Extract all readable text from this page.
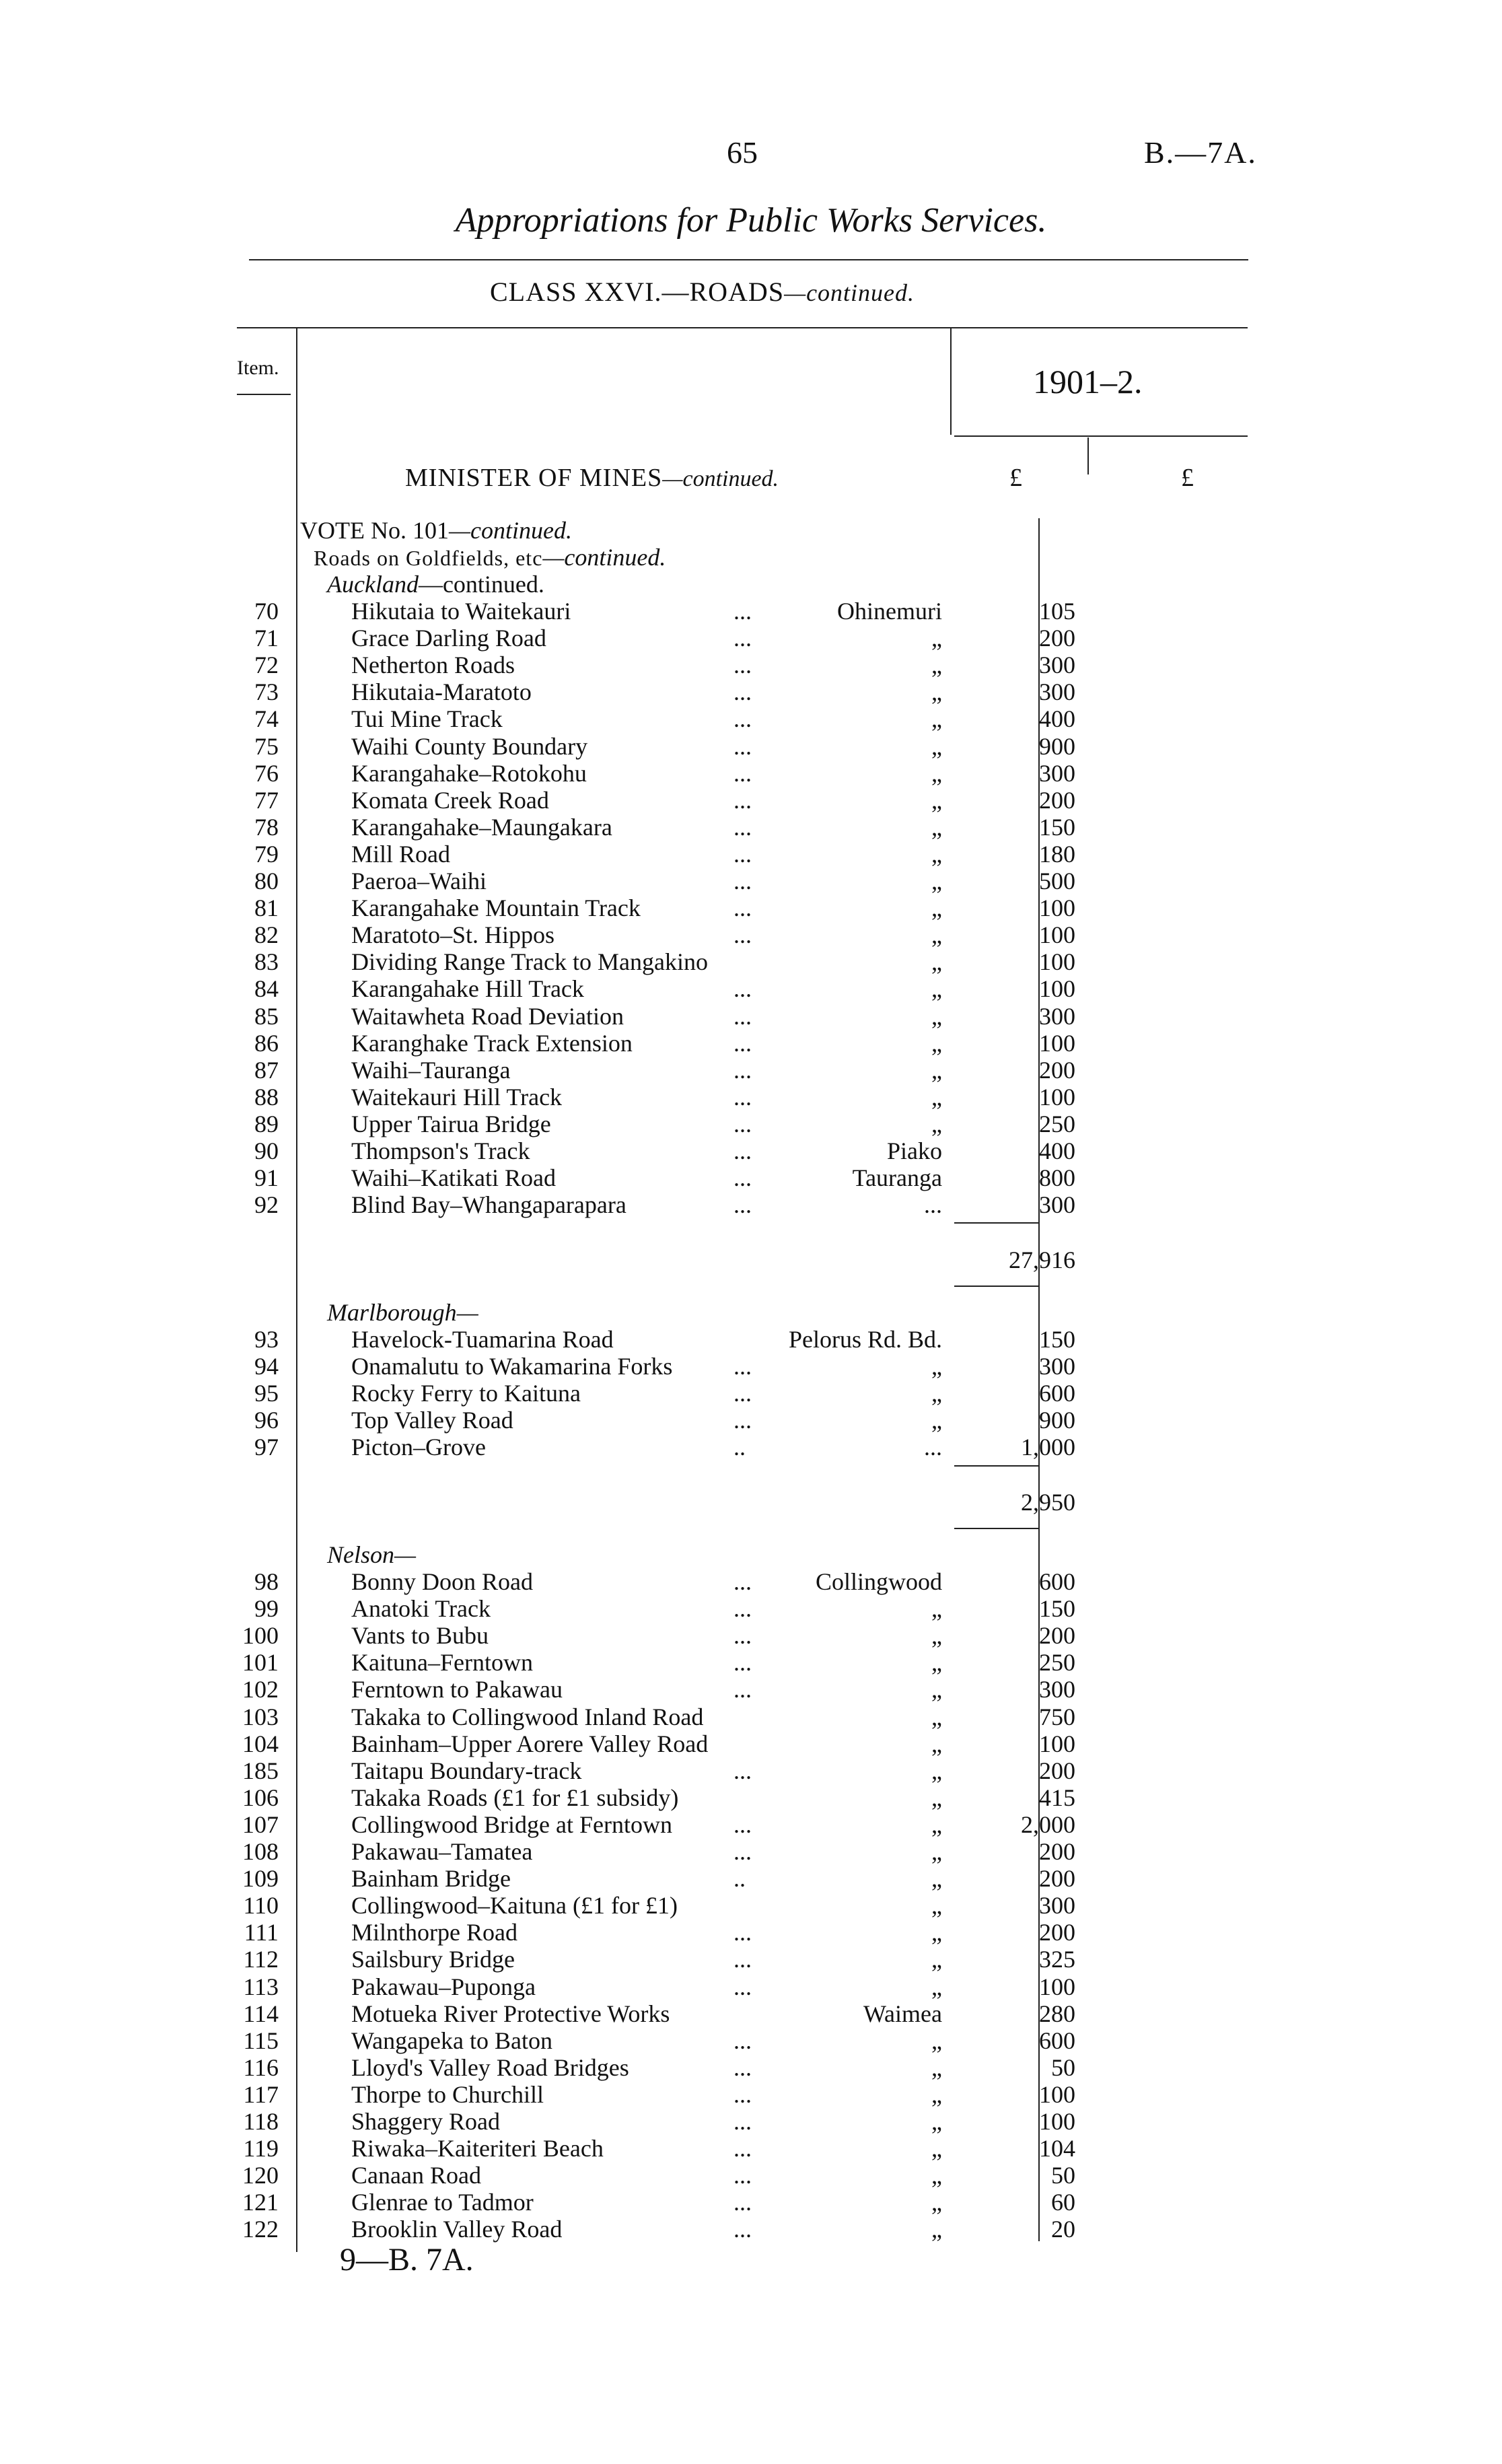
65	B.—7A.
Appropriations for Public Works Services.
CLASS XXVI.—ROADS—continued.
Item.	1901–2.
MINISTER OF MINES—continued.	£	£
VOTE No. 101—continued.
Roads on Goldfields, etc—continued.
Auckland—continued.
70	Hikutaia to Waitekauri	...	Ohinemuri	105
71	Grace Darling Road	...	„	200
72	Netherton Roads	...	„	300
73	Hikutaia-Maratoto	...	„	300
74	Tui Mine Track	...	„	400
75	Waihi County Boundary	...	„	900
76	Karangahake–Rotokohu	...	„	300
77	Komata Creek Road	...	„	200
78	Karangahake–Maungakara	...	„	150
79	Mill Road	...	„	180
80	Paeroa–Waihi	...	„	500
81	Karangahake Mountain Track	...	„	100
82	Maratoto–St. Hippos	...	„	100
83	Dividing Range Track to Mangakino	„	100
84	Karangahake Hill Track	...	„	100
85	Waitawheta Road Deviation	...	„	300
86	Karanghake Track Extension	...	„	100
87	Waihi–Tauranga	...	„	200
88	Waitekauri Hill Track	...	„	100
89	Upper Tairua Bridge	...	„	250
90	Thompson's Track	...	Piako	400
91	Waihi–Katikati Road	...	Tauranga	800
92	Blind Bay–Whangaparapara	...	...	300
27,916
Marlborough—
93	Havelock-Tuamarina Road	Pelorus Rd. Bd.	150
94	Onamalutu to Wakamarina Forks	...	„	300
95	Rocky Ferry to Kaituna	...	„	600
96	Top Valley Road	...	„	900
97	Picton–Grove	..	...	1,000
2,950
Nelson—
98	Bonny Doon Road	...	Collingwood	600
99	Anatoki Track	...	„	150
100	Vants to Bubu	...	„	200
101	Kaituna–Ferntown	...	„	250
102	Ferntown to Pakawau	...	„	300
103	Takaka to Collingwood Inland Road	„	750
104	Bainham–Upper Aorere Valley Road	„	100
185	Taitapu Boundary-track	...	„	200
106	Takaka Roads (£1 for £1 subsidy)	„	415
107	Collingwood Bridge at Ferntown	...	„	2,000
108	Pakawau–Tamatea	...	„	200
109	Bainham Bridge	..	„	200
110	Collingwood–Kaituna (£1 for £1)	„	300
111	Milnthorpe Road	...	„	200
112	Sailsbury Bridge	...	„	325
113	Pakawau–Puponga	...	„	100
114	Motueka River Protective Works	Waimea	280
115	Wangapeka to Baton	...	„	600
116	Lloyd's Valley Road Bridges	...	„	50
117	Thorpe to Churchill	...	„	100
118	Shaggery Road	...	„	100
119	Riwaka–Kaiteriteri Beach	...	„	104
120	Canaan Road	...	„	50
121	Glenrae to Tadmor	...	„	60
122	Brooklin Valley Road	...	„	20
9—B. 7A.
